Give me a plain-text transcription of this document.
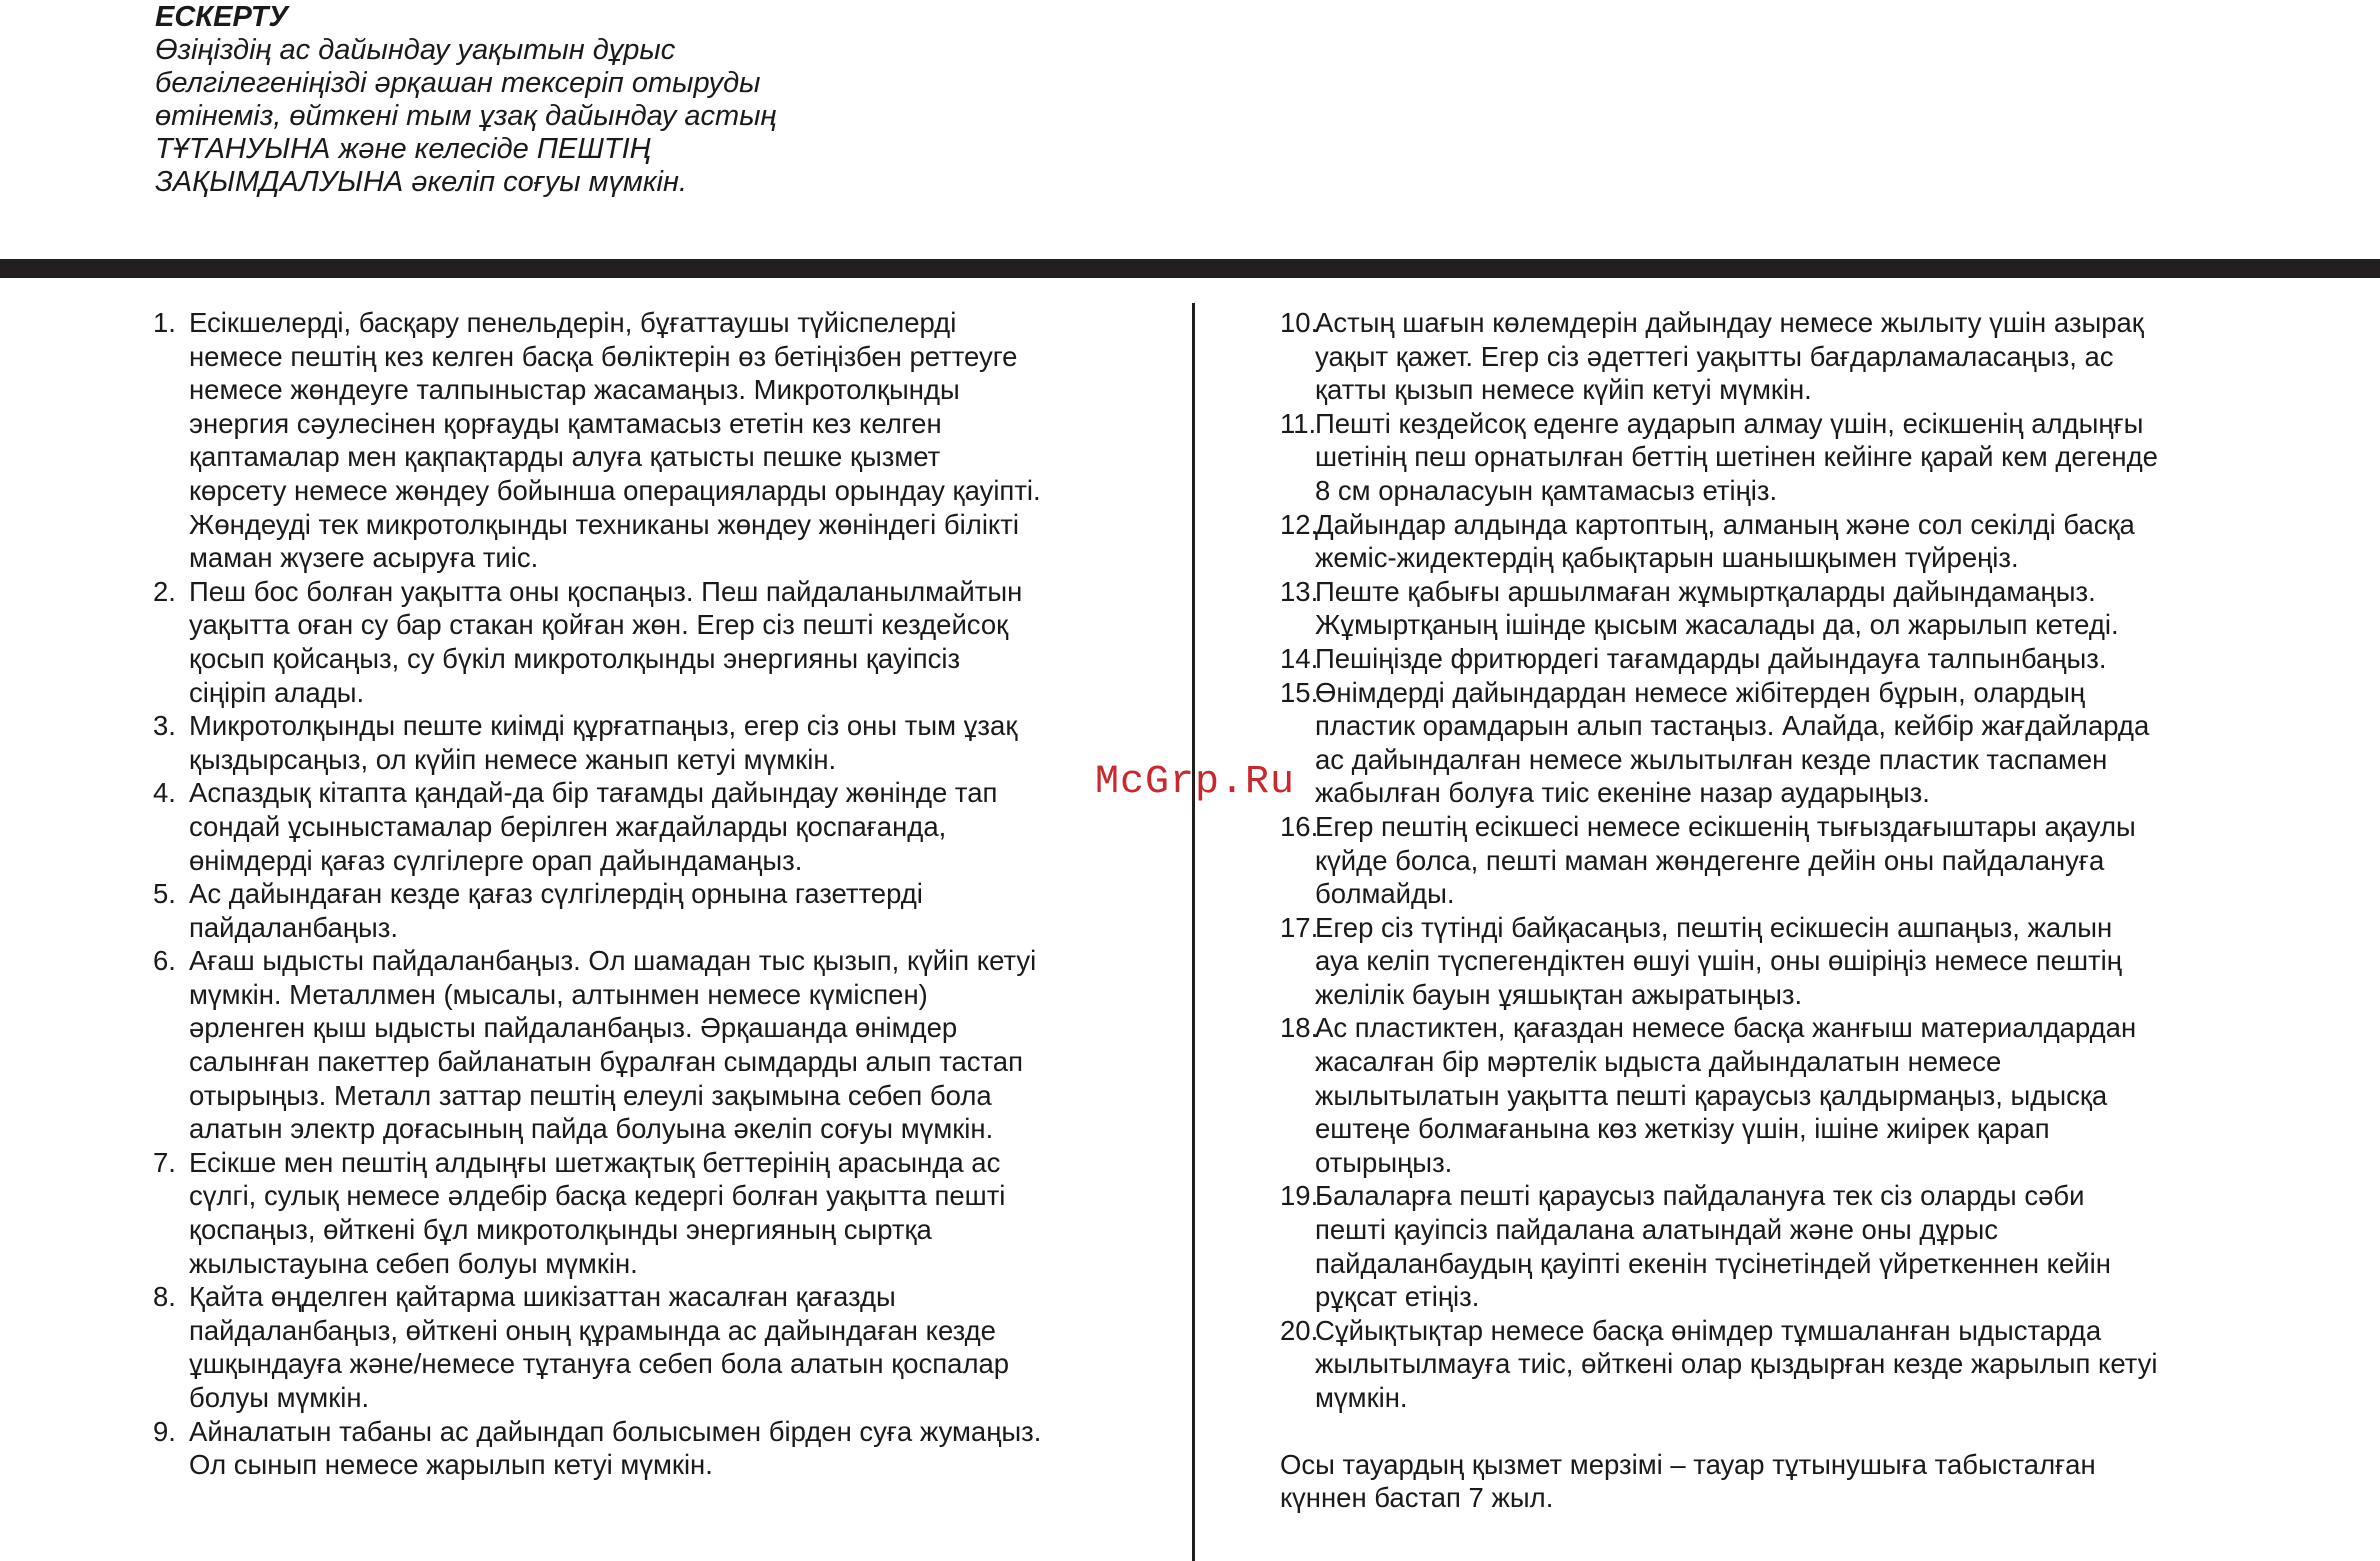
ЕСКЕРТУ
Өзіңіздің ас дайындау уақытын дұрыс
белгілегеніңізді әрқашан тексеріп отыруды
өтінеміз, өйткені тым ұзақ дайындау астың
ТҰТАНУЫНА және келесіде ПЕШТІҢ
ЗАҚЫМДАЛУЫНА әкеліп соғуы мүмкін.
1. Есікшелерді, басқару пенельдерін, бұғаттаушы түйіспелерді
немесе пештің кез келген басқа бөліктерін өз бетіңізбен реттеуге
немесе жөндеуге талпыныстар жасамаңыз. Микротолқынды
энергия сәулесінен қорғауды қамтамасыз ететін кез келген
қаптамалар мен қақпақтарды алуға қатысты пешке қызмет
көрсету немесе жөндеу бойынша операцияларды орындау қауіпті.
Жөндеуді тек микротолқынды техниканы жөндеу жөніндегі білікті
маман жүзеге асыруға тиіс.
2. Пеш бос болған уақытта оны қоспаңыз. Пеш пайдаланылмайтын
уақытта оған су бар стакан қойған жөн. Егер сіз пешті кездейсоқ
қосып қойсаңыз, су бүкіл микротолқынды энергияны қауіпсіз
сіңіріп алады.
3. Микротолқынды пеште киімді құрғатпаңыз, егер сіз оны тым ұзақ
қыздырсаңыз, ол күйіп немесе жанып кетуі мүмкін.
4. Аспаздық кітапта қандай-да бір тағамды дайындау жөнінде тап
сондай ұсыныстамалар берілген жағдайларды қоспағанда,
өнімдерді қағаз сүлгілерге орап дайындамаңыз.
5. Ас дайындаған кезде қағаз сүлгілердің орнына газеттерді
пайдаланбаңыз.
6. Ағаш ыдысты пайдаланбаңыз. Ол шамадан тыс қызып, күйіп кетуі
мүмкін. Металлмен (мысалы, алтынмен немесе күміспен)
әрленген қыш ыдысты пайдаланбаңыз. Әрқашанда өнімдер
салынған пакеттер байланатын бұралған сымдарды алып тастап
отырыңыз. Металл заттар пештің елеулі зақымына себеп бола
алатын электр доғасының пайда болуына әкеліп соғуы мүмкін.
7. Есікше мен пештің алдыңғы шетжақтық беттерінің арасында ас
сүлгі, сулық немесе әлдебір басқа кедергі болған уақытта пешті
қоспаңыз, өйткені бұл микротолқынды энергияның сыртқа
жылыстауына себеп болуы мүмкін.
8. Қайта өңделген қайтарма шикізаттан жасалған қағазды
пайдаланбаңыз, өйткені оның құрамында ас дайындаған кезде
ұшқындауға және/немесе тұтануға себеп бола алатын қоспалар
болуы мүмкін.
9. Айналатын табаны ас дайындап болысымен бірден суға жумаңыз.
Ол сынып немесе жарылып кетуі мүмкін.
10.
Астың шағын көлемдерін дайындау немесе жылыту үшін азырақ
уақыт қажет. Егер сіз әдеттегі уақытты бағдарламаласаңыз, ас
қатты қызып немесе күйіп кетуі мүмкін.
11.
Пешті кездейсоқ еденге аударып алмау үшін, есікшенің алдыңғы
шетінің пеш орнатылған беттің шетінен кейінге қарай кем дегенде
8 см орналасуын қамтамасыз етіңіз.
12.
Дайындар алдында картоптың, алманың және сол секілді басқа
жеміс-жидектердің қабықтарын шанышқымен түйреңіз.
13.
Пеште қабығы аршылмаған жұмыртқаларды дайындамаңыз.
Жұмыртқаның ішінде қысым жасалады да, ол жарылып кетеді.
14.
Пешіңізде фритюрдегі тағамдарды дайындауға талпынбаңыз.
15.
Өнімдерді дайындардан немесе жібітерден бұрын, олардың
пластик орамдарын алып тастаңыз. Алайда, кейбір жағдайларда
ас дайындалған немесе жылытылған кезде пластик таспамен
жабылған болуға тиіс екеніне назар аударыңыз.
16.
Егер пештің есікшесі немесе есікшенің тығыздағыштары ақаулы
күйде болса, пешті маман жөндегенге дейін оны пайдалануға
болмайды.
17.
Егер сіз түтінді байқасаңыз, пештің есікшесін ашпаңыз, жалын
ауа келіп түспегендіктен өшуі үшін, оны өшіріңіз немесе пештің
желілік бауын ұяшықтан ажыратыңыз.
18.
Ас пластиктен, қағаздан немесе басқа жанғыш материалдардан
жасалған бір мәртелік ыдыста дайындалатын немесе
жылытылатын уақытта пешті қараусыз қалдырмаңыз, ыдысқа
ештеңе болмағанына көз жеткізу үшін, ішіне жиірек қарап
отырыңыз.
19.
Балаларға пешті қараусыз пайдалануға тек сіз оларды сәби
пешті қауіпсіз пайдалана алатындай және оны дұрыс
пайдаланбаудың қауіпті екенін түсінетіндей үйреткеннен кейін
рұқсат етіңіз.
20.
Сұйықтықтар немесе басқа өнімдер тұмшаланған ыдыстарда
жылытылмауға тиіс, өйткені олар қыздырған кезде жарылып кетуі
мүмкін.
Осы тауардың қызмет мерзімі – тауар тұтынушыға табысталған
күннен бастап 7 жыл.
McGrp.Ru
